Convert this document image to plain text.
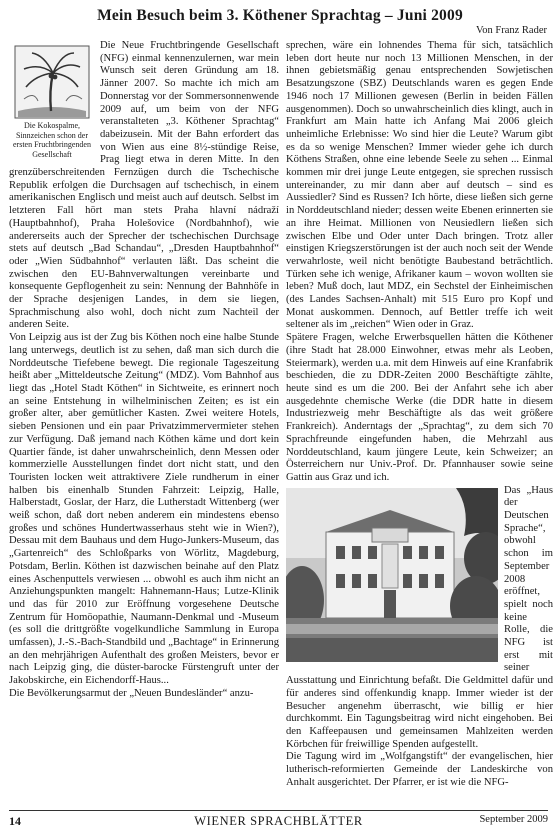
Mein Besuch beim 3. Köthener Sprachtag – Juni 2009
Von Franz Rader
Die Kokospalme, Sinnzeichen schon der ersten Fruchtbringenden Gesellschaft

Die Neue Fruchtbringende Gesellschaft (NFG) einmal kennenzulernen, war mein Wunsch seit deren Gründung am 18. Jänner 2007. So machte ich mich am Donnerstag vor der Sommersonnenwende 2009 auf, um beim von der NFG veranstalteten „3. Köthener Sprachtag“ dabeizusein. Mit der Bahn erfordert das von Wien aus eine 8½-stündige Reise, Prag liegt etwa in deren Mitte. In den grenzüberschreitenden Fernzügen durch die Tschechische Republik erfolgen die Durchsagen auf tschechisch, in einem amerikanischen Englisch und meist auch auf deutsch. Selbst im letzteren Fall hört man stets Praha hlavní nádraží (Hauptbahnhof), Praha Holešovice (Nordbahnhof), wie andererseits auch der Sprecher der tschechischen Durchsage stets auf deutsch „Bad Schandau“, „Dresden Hauptbahnhof“ oder „Wien Südbahnhof“ verlauten läßt. Das scheint die zwischen den EU-Bahnverwaltungen vereinbarte und konsequente Gepflogenheit zu sein: Nennung der Bahnhöfe in der Sprache desjenigen Landes, in dem sie liegen, Sprachmischung also wohl, doch nicht zum Nachteil der anderen Seite.

Von Leipzig aus ist der Zug bis Köthen noch eine halbe Stunde lang unterwegs, deutlich ist zu sehen, daß man sich durch die Norddeutsche Tiefebene bewegt. Die regionale Tageszeitung heißt aber „Mitteldeutsche Zeitung“ (MDZ). Vom Bahnhof aus liegt das „Hotel Stadt Köthen“ in Sichtweite, es erinnert noch an seine Entstehung in wilhelminischen Zeiten; es ist ein großer alter, aber gemütlicher Kasten. Zwei weitere Hotels, sieben Pensionen und ein paar Privatzimmervermieter stehen zur Verfügung. Daß jemand nach Köthen käme und dort kein Quartier fände, ist daher unwahrscheinlich, denn Messen oder kommerzielle Ausstellungen findet dort nicht statt, und den Touristen locken weit attraktivere Ziele rundherum in einer halben bis einenhalb Stunden Fahrzeit: Leipzig, Halle, Halberstadt, Goslar, der Harz, die Lutherstadt Wittenberg (wer weiß schon, daß dort neben anderem ein mindestens ebenso großes und schönes Hundertwasserhaus steht wie in Wien?), Dessau mit dem Bauhaus und dem Hugo-Junkers-Museum, das „Gartenreich“ des Schloßparks von Wörlitz, Magdeburg, Potsdam, Berlin. Köthen ist dazwischen beinahe auf den Platz eines Aschenputtels verwiesen ... obwohl es auch ihm nicht an Anziehungspunkten mangelt: Hahnemann-Haus; Lutze-Klinik und das für 2010 zur Eröffnung vorgesehene Deutsche Zentrum für Homöopathie, Naumann-Denkmal und -Museum (es soll die drittgrößte vogelkundliche Sammlung in Europa umfassen), J.-S.-Bach-Standbild und „Bachtage“ in Erinnerung an den mehrjährigen Aufenthalt des großen Meisters, bevor er nach Leipzig ging, die düster-barocke Fürstengruft unter der Jakobskirche, ein Eichendorff-Haus...

Die Bevölkerungsarmut der „Neuen Bundesländer“ anzu-

sprechen, wäre ein lohnendes Thema für sich, tatsächlich leben dort heute nur noch 13 Millionen Menschen, in der ihnen gebietsmäßig genau entsprechenden Sowjetischen Besatzungszone (SBZ) Deutschlands waren es gegen Ende 1946 noch 17 Millionen gewesen (Berlin in beiden Fällen ausgenommen). Doch so unwahrscheinlich dies klingt, auch in Frankfurt am Main hatte ich Anfang Mai 2006 gleich unheimliche Erlebnisse: Wo sind hier die Leute? Warum gibt es da so wenige Menschen? Immer wieder gehe ich durch Köthens Straßen, ohne eine lebende Seele zu sehen ... Einmal kommen mir drei junge Leute entgegen, sie sprechen russisch untereinander, zu mir dann aber auf deutsch – sind es Aussiedler? Sind es Russen? Ich hörte, diese ließen sich gerne in Norddeutschland nieder; dessen weite Ebenen erinnerten sie an ihre Heimat. Millionen von Neusiedlern ließen sich zwischen Elbe und Oder unter Dach bringen. Trotz aller einstigen Kriegszerstörungen ist der auch noch seit der Wende verwahrloste, weil nicht benötigte Baubestand beträchtlich. Türken sehe ich wenige, Afrikaner kaum – wovon wollten sie leben? Muß doch, laut MDZ, ein Sechstel der Einheimischen (des Landes Sachsen-Anhalt) mit 515 Euro pro Kopf und Monat auskommen. Dennoch, auf Bettler treffe ich weit seltener als im „reichen“ Wien oder in Graz.

Spätere Fragen, welche Erwerbsquellen hätten die Köthener (ihre Stadt hat 28.000 Einwohner, etwas mehr als Leoben, Steiermark), werden u.a. mit dem Hinweis auf eine Kranfabrik beschieden, die zu DDR-Zeiten 2000 Beschäftigte zählte, heute sind es um die 200. Bei der Anfahrt sehe ich aber ausgedehnte chemische Werke (die DDR hatte in diesem Industriezweig mehr Beschäftigte als das weit größere Frankreich). Anderntags der „Sprachtag“, zu dem sich 70 Sprachfreunde eingefunden haben, die Mehrzahl aus Norddeutschland, kaum jüngere Leute, kein Schweizer; an Österreichern nur Univ.-Prof. Dr. Pfannhauser sowie seine Gattin aus Graz und ich.

Das „Haus der Deutschen Sprache“, obwohl schon im September 2008 eröffnet, spielt noch keine Rolle, die NFG ist erst mit seiner Ausstattung und Einrichtung befaßt. Die Geldmittel dafür und für anderes sind offenkundig knapp. Immer wieder ist der Besucher angenehm überrascht, wie billig er hier durchkommt. Ein Tagungsbeitrag wird nicht eingehoben. Bei den Kaffeepausen und gemeinsamen Mahlzeiten werden Körbchen für freiwillige Spenden aufgestellt.

Die Tagung wird im „Wolfgangstift“ der evangelischen, hier lutherisch-reformierten Gemeinde der Landeskirche von Anhalt ausgerichtet. Der Pfarrer, er ist wie die NFG-

14	WIENER SPRACHBLÄTTER	September 2009
